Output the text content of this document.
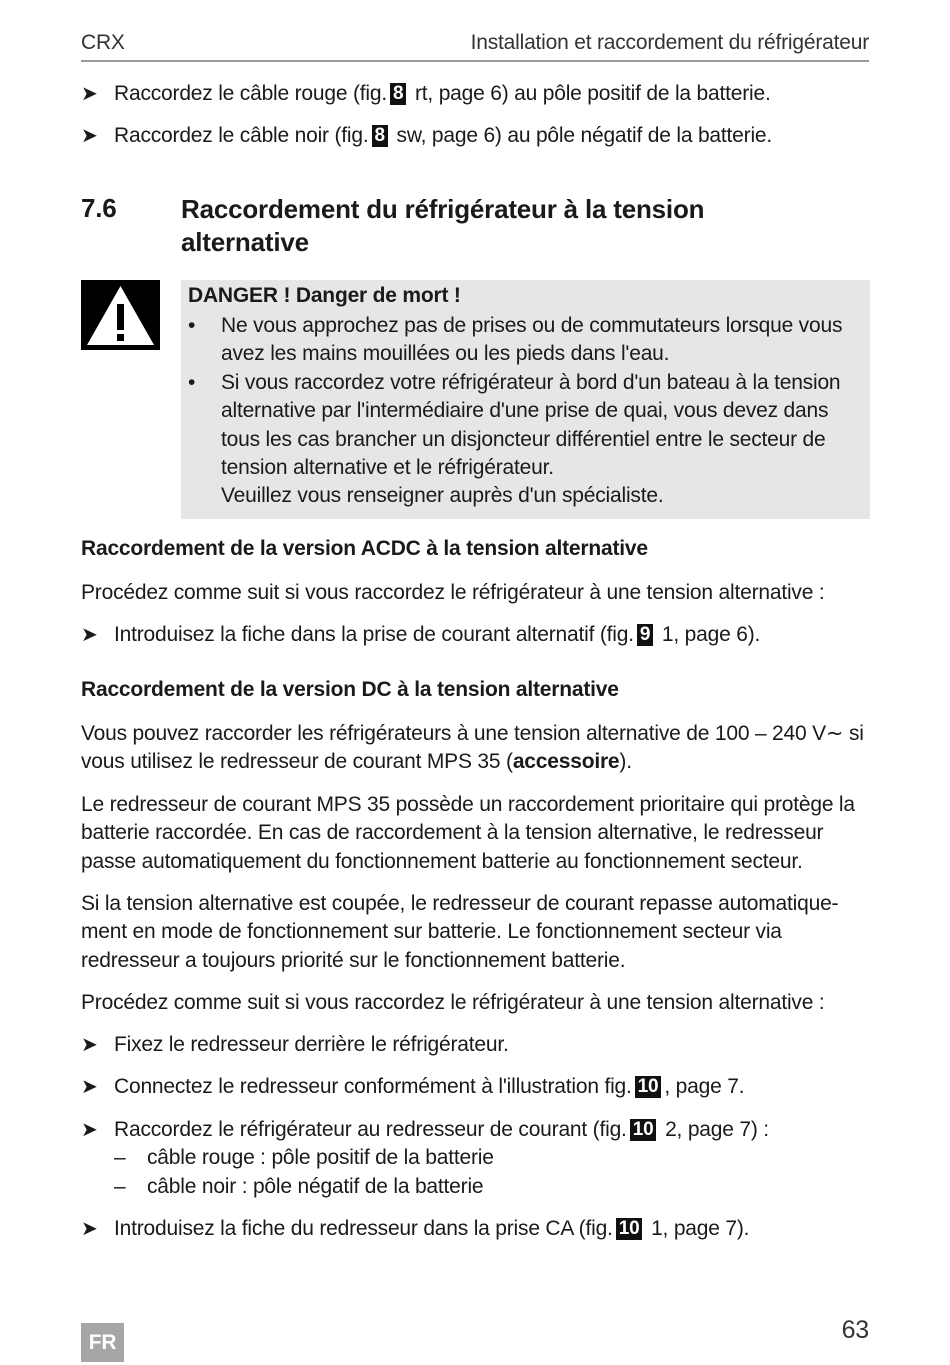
CRX	Installation et raccordement du réfrigérateur
➤ Raccordez le câble rouge (fig. 8 rt, page 6) au pôle positif de la batterie.
➤ Raccordez le câble noir (fig. 8 sw, page 6) au pôle négatif de la batterie.
7.6 Raccordement du réfrigérateur à la tension alternative
DANGER ! Danger de mort !
• Ne vous approchez pas de prises ou de commutateurs lorsque vous avez les mains mouillées ou les pieds dans l'eau.
• Si vous raccordez votre réfrigérateur à bord d'un bateau à la tension alternative par l'intermédiaire d'une prise de quai, vous devez dans tous les cas brancher un disjoncteur différentiel entre le secteur de tension alternative et le réfrigérateur.
Veuillez vous renseigner auprès d'un spécialiste.
Raccordement de la version ACDC à la tension alternative
Procédez comme suit si vous raccordez le réfrigérateur à une tension alternative :
➤ Introduisez la fiche dans la prise de courant alternatif (fig. 9 1, page 6).
Raccordement de la version DC à la tension alternative
Vous pouvez raccorder les réfrigérateurs à une tension alternative de 100 – 240 V∼ si vous utilisez le redresseur de courant MPS 35 (accessoire).
Le redresseur de courant MPS 35 possède un raccordement prioritaire qui protège la batterie raccordée. En cas de raccordement à la tension alternative, le redresseur passe automatiquement du fonctionnement batterie au fonctionnement secteur.
Si la tension alternative est coupée, le redresseur de courant repasse automatique-
ment en mode de fonctionnement sur batterie. Le fonctionnement secteur via redresseur a toujours priorité sur le fonctionnement batterie.
Procédez comme suit si vous raccordez le réfrigérateur à une tension alternative :
➤ Fixez le redresseur derrière le réfrigérateur.
➤ Connectez le redresseur conformément à l'illustration fig. 10 , page 7.
➤ Raccordez le réfrigérateur au redresseur de courant (fig. 10 2, page 7) :
– câble rouge : pôle positif de la batterie
– câble noir : pôle négatif de la batterie
➤ Introduisez la fiche du redresseur dans la prise CA (fig. 10 1, page 7).
FR	63
